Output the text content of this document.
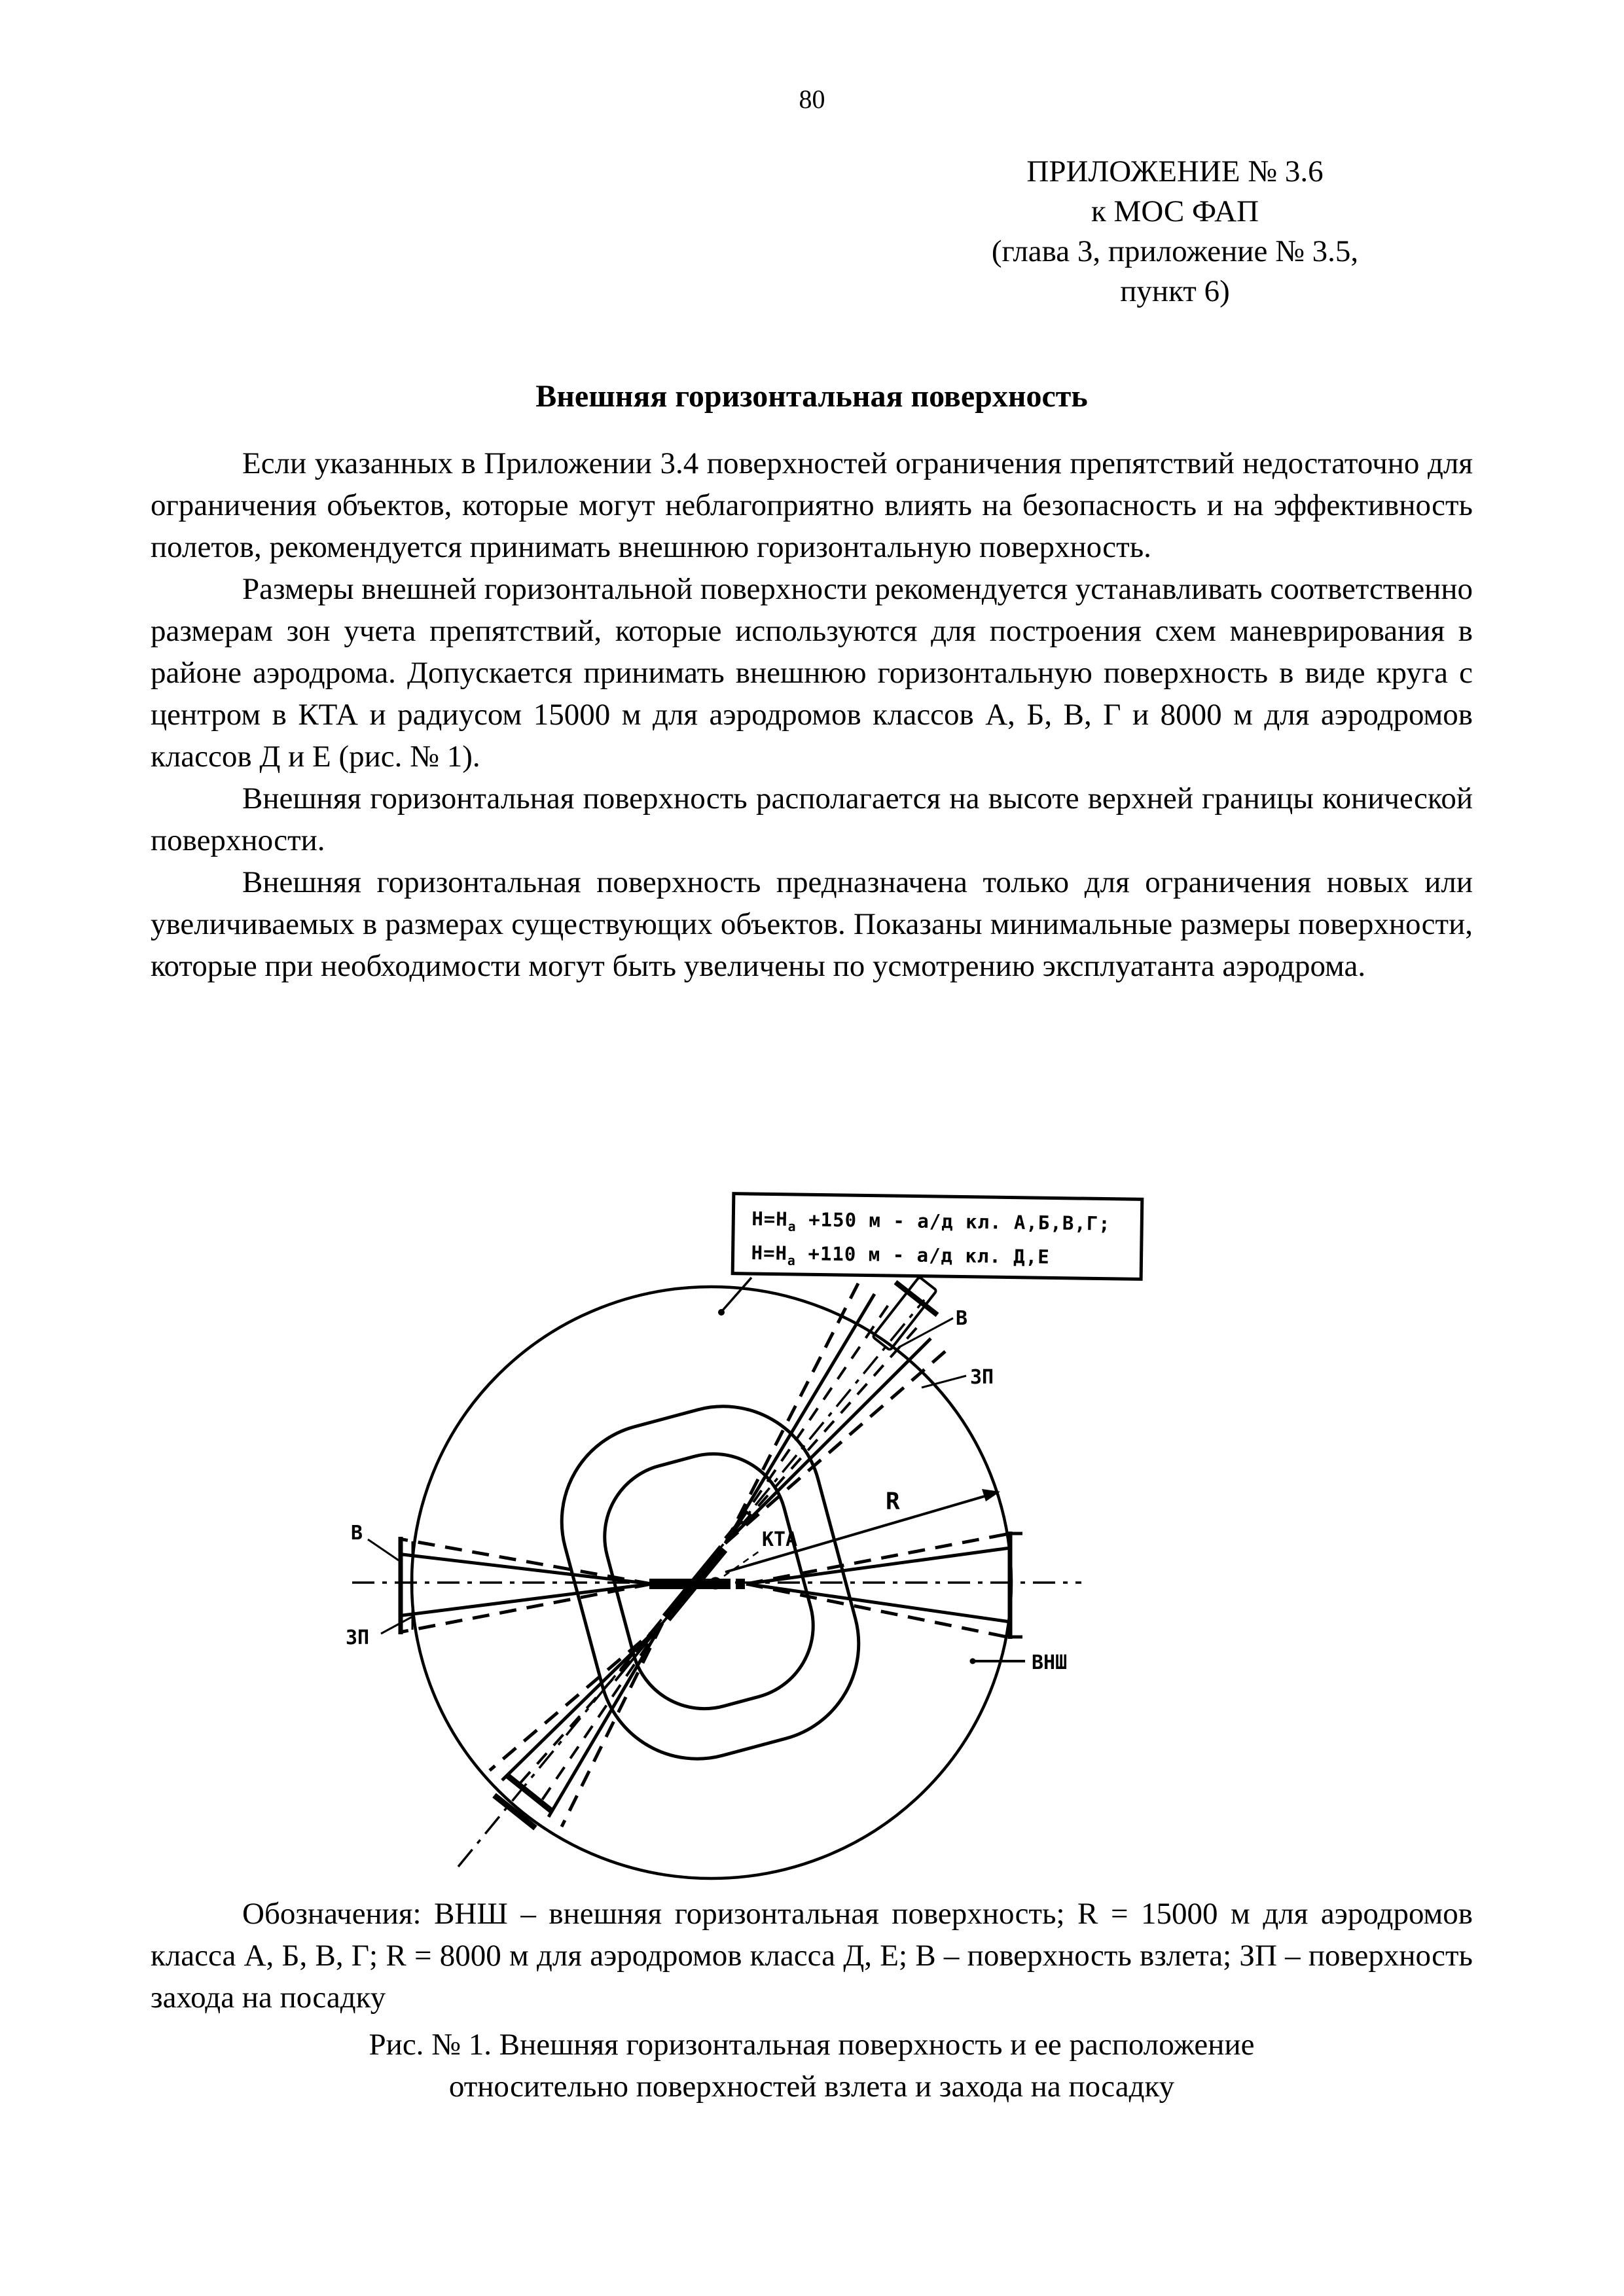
80
ПРИЛОЖЕНИЕ № 3.6
к МОС ФАП
(глава 3, приложение № 3.5,
пункт 6)
Внешняя горизонтальная поверхность

Если указанных в Приложении 3.4 поверхностей ограничения препятствий недостаточно для ограничения объектов, которые могут неблагоприятно влиять на безопасность и на эффективность полетов, рекомендуется принимать внешнюю горизонтальную поверхность.

Размеры внешней горизонтальной поверхности рекомендуется устанавливать соответственно размерам зон учета препятствий, которые используются для построения схем маневрирования в районе аэродрома. Допускается принимать внешнюю горизонтальную поверхность в виде круга с центром в КТА и радиусом 15000 м для аэродромов классов А, Б, В, Г и 8000 м для аэродромов классов Д и Е (рис. № 1).

Внешняя горизонтальная поверхность располагается на высоте верхней границы конической поверхности.

Внешняя горизонтальная поверхность предназначена только для ограничения новых или увеличиваемых в размерах существующих объектов. Показаны минимальные размеры поверхности, которые при необходимости могут быть увеличены по усмотрению эксплуатанта аэродрома.

R
КТА
ВНШ
В
ЗП
В
ЗП
$Н=Н_а +150$ м - а/д кл. А,Б,В,Г;
$Н=Н_а +110$ м - а/д кл. Д,Е

Обозначения: ВНШ – внешняя горизонтальная поверхность; R = 15000 м для аэродромов класса А, Б, В, Г; R = 8000 м для аэродромов класса Д, Е; В – поверхность взлета; ЗП – поверхность захода на посадку

Рис. № 1. Внешняя горизонтальная поверхность и ее расположение
относительно поверхностей взлета и захода на посадку
